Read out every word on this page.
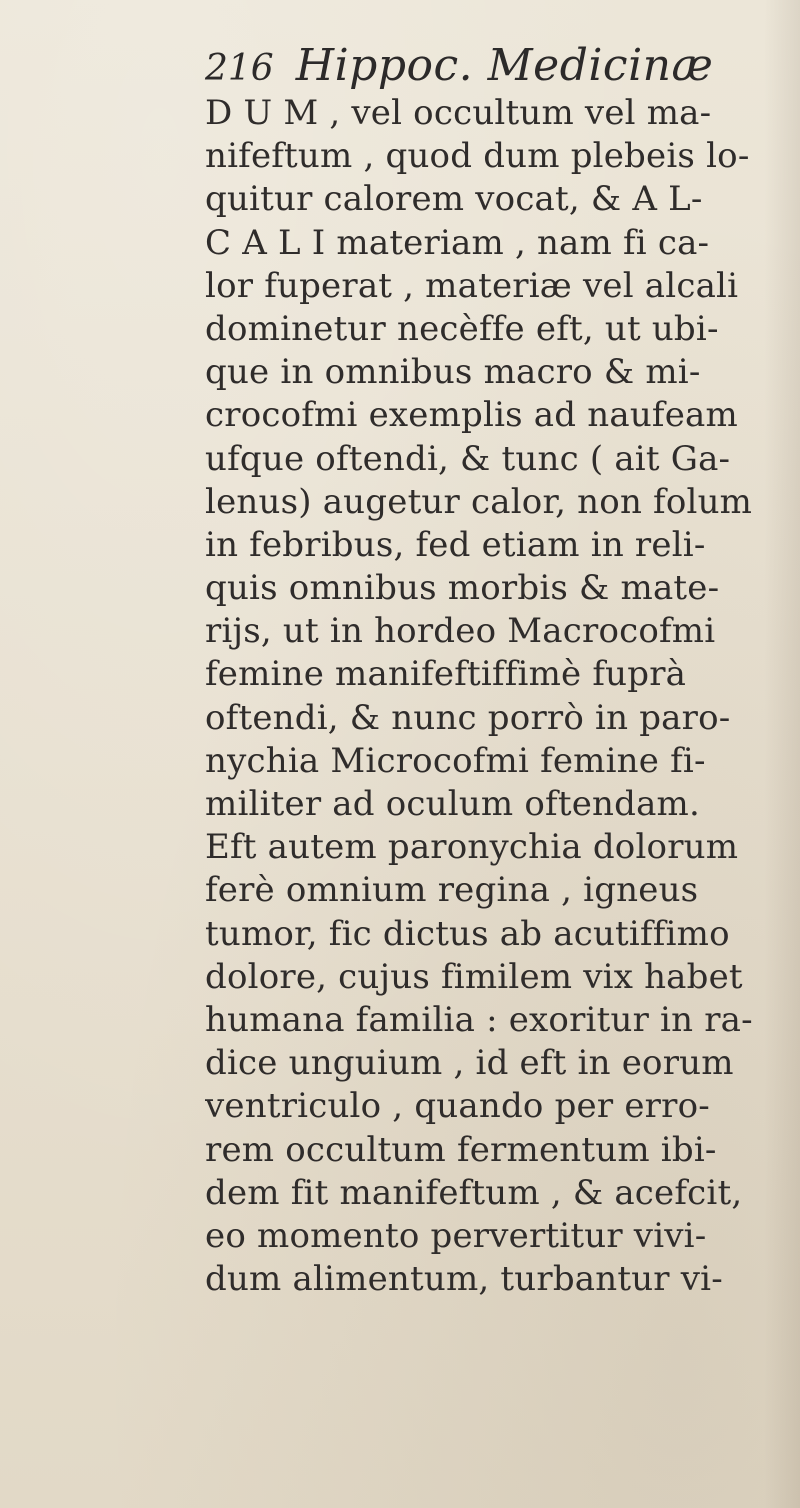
216 Hippoc. Medicinæ
D U M , vel occultum vel ma-
nifeftum , quod dum plebeis lo-
quitur calorem vocat, & A L-
C A L I materiam , nam fi ca-
lor fuperat , materiæ vel alcali
dominetur necèffe eft, ut ubi-
que in omnibus macro & mi-
crocofmi exemplis ad naufeam
ufque oftendi, & tunc ( ait Ga-
lenus) augetur calor, non folum
in febribus, fed etiam in reli-
quis omnibus morbis & mate-
rijs, ut in hordeo Macrocofmi
femine manifeftiffimè fuprà
oftendi, & nunc porrò in paro-
nychia Microcofmi femine fi-
militer ad oculum oftendam.
Eft autem paronychia dolorum
ferè omnium regina , igneus
tumor, fic dictus ab acutiffimo
dolore, cujus fimilem vix habet
humana familia : exoritur in ra-
dice unguium , id eft in eorum
ventriculo , quando per erro-
rem occultum fermentum ibi-
dem fit manifeftum , & acefcit,
eo momento pervertitur vivi-
dum alimentum, turbantur vi-
